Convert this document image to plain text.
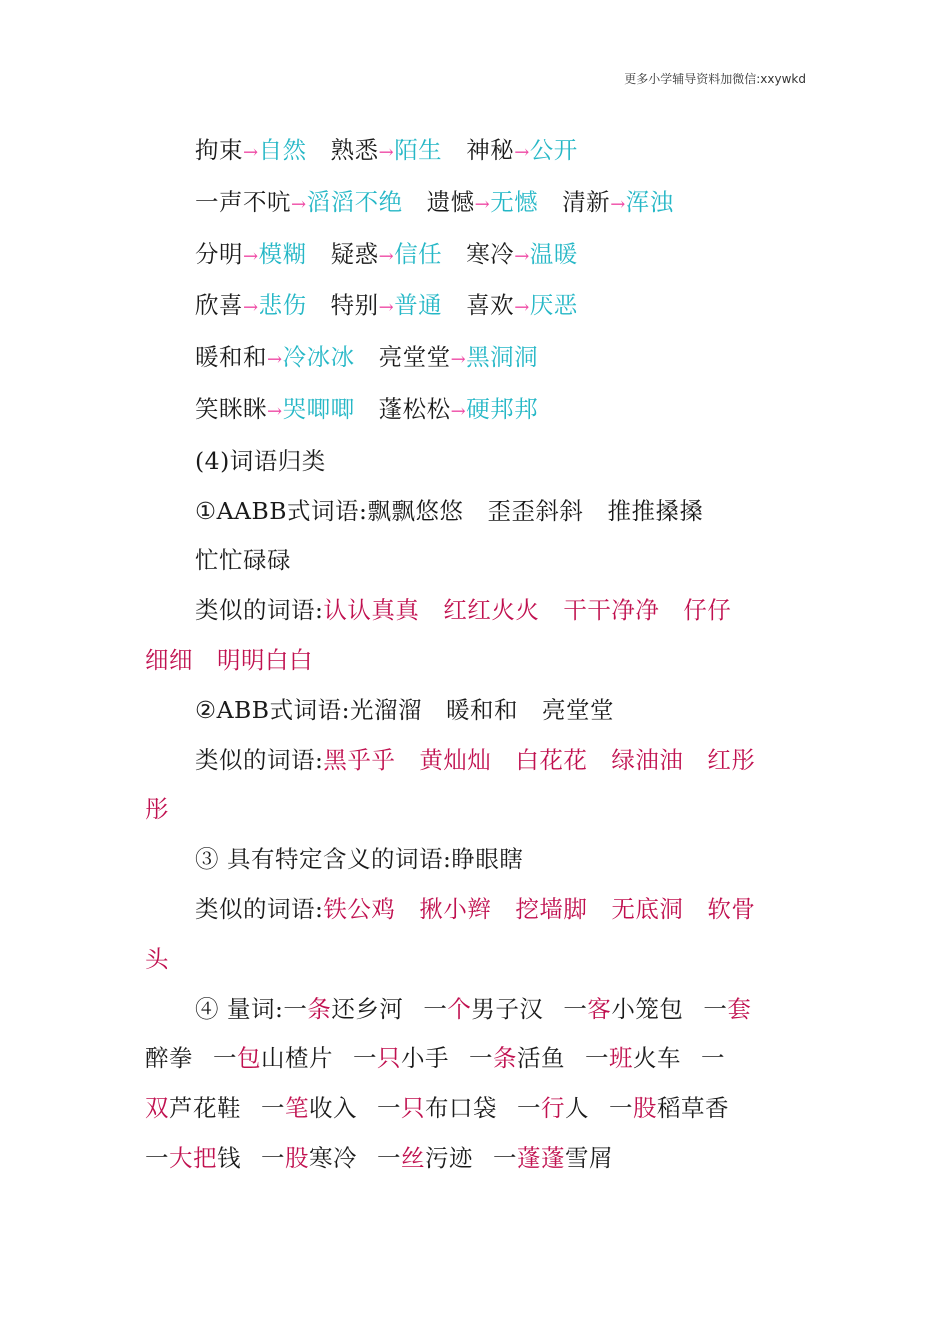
更多小学辅导资料加微信:xxywkd
拘束→自然 熟悉→陌生 神秘→公开
一声不吭→滔滔不绝 遗憾→无憾 清新→浑浊
分明→模糊 疑惑→信任 寒冷→温暖
欣喜→悲伤 特别→普通 喜欢→厌恶
暖和和→冷冰冰 亮堂堂→黑洞洞
笑眯眯→哭唧唧 蓬松松→硬邦邦
(4)词语归类
①AABB式词语:飘飘悠悠 歪歪斜斜 推推搡搡
忙忙碌碌
类似的词语:认认真真 红红火火 干干净净 仔仔
细细 明明白白
②ABB式词语:光溜溜 暖和和 亮堂堂
类似的词语:黑乎乎 黄灿灿 白花花 绿油油 红彤
彤
③ 具有特定含义的词语:睁眼瞎
类似的词语:铁公鸡 揪小辫 挖墙脚 无底洞 软骨
头
④ 量词:一条还乡河 一个男子汉 一客小笼包 一套
醉拳 一包山楂片 一只小手 一条活鱼 一班火车 一
双芦花鞋 一笔收入 一只布口袋 一行人 一股稻草香
一大把钱 一股寒冷 一丝污迹 一蓬蓬雪屑
